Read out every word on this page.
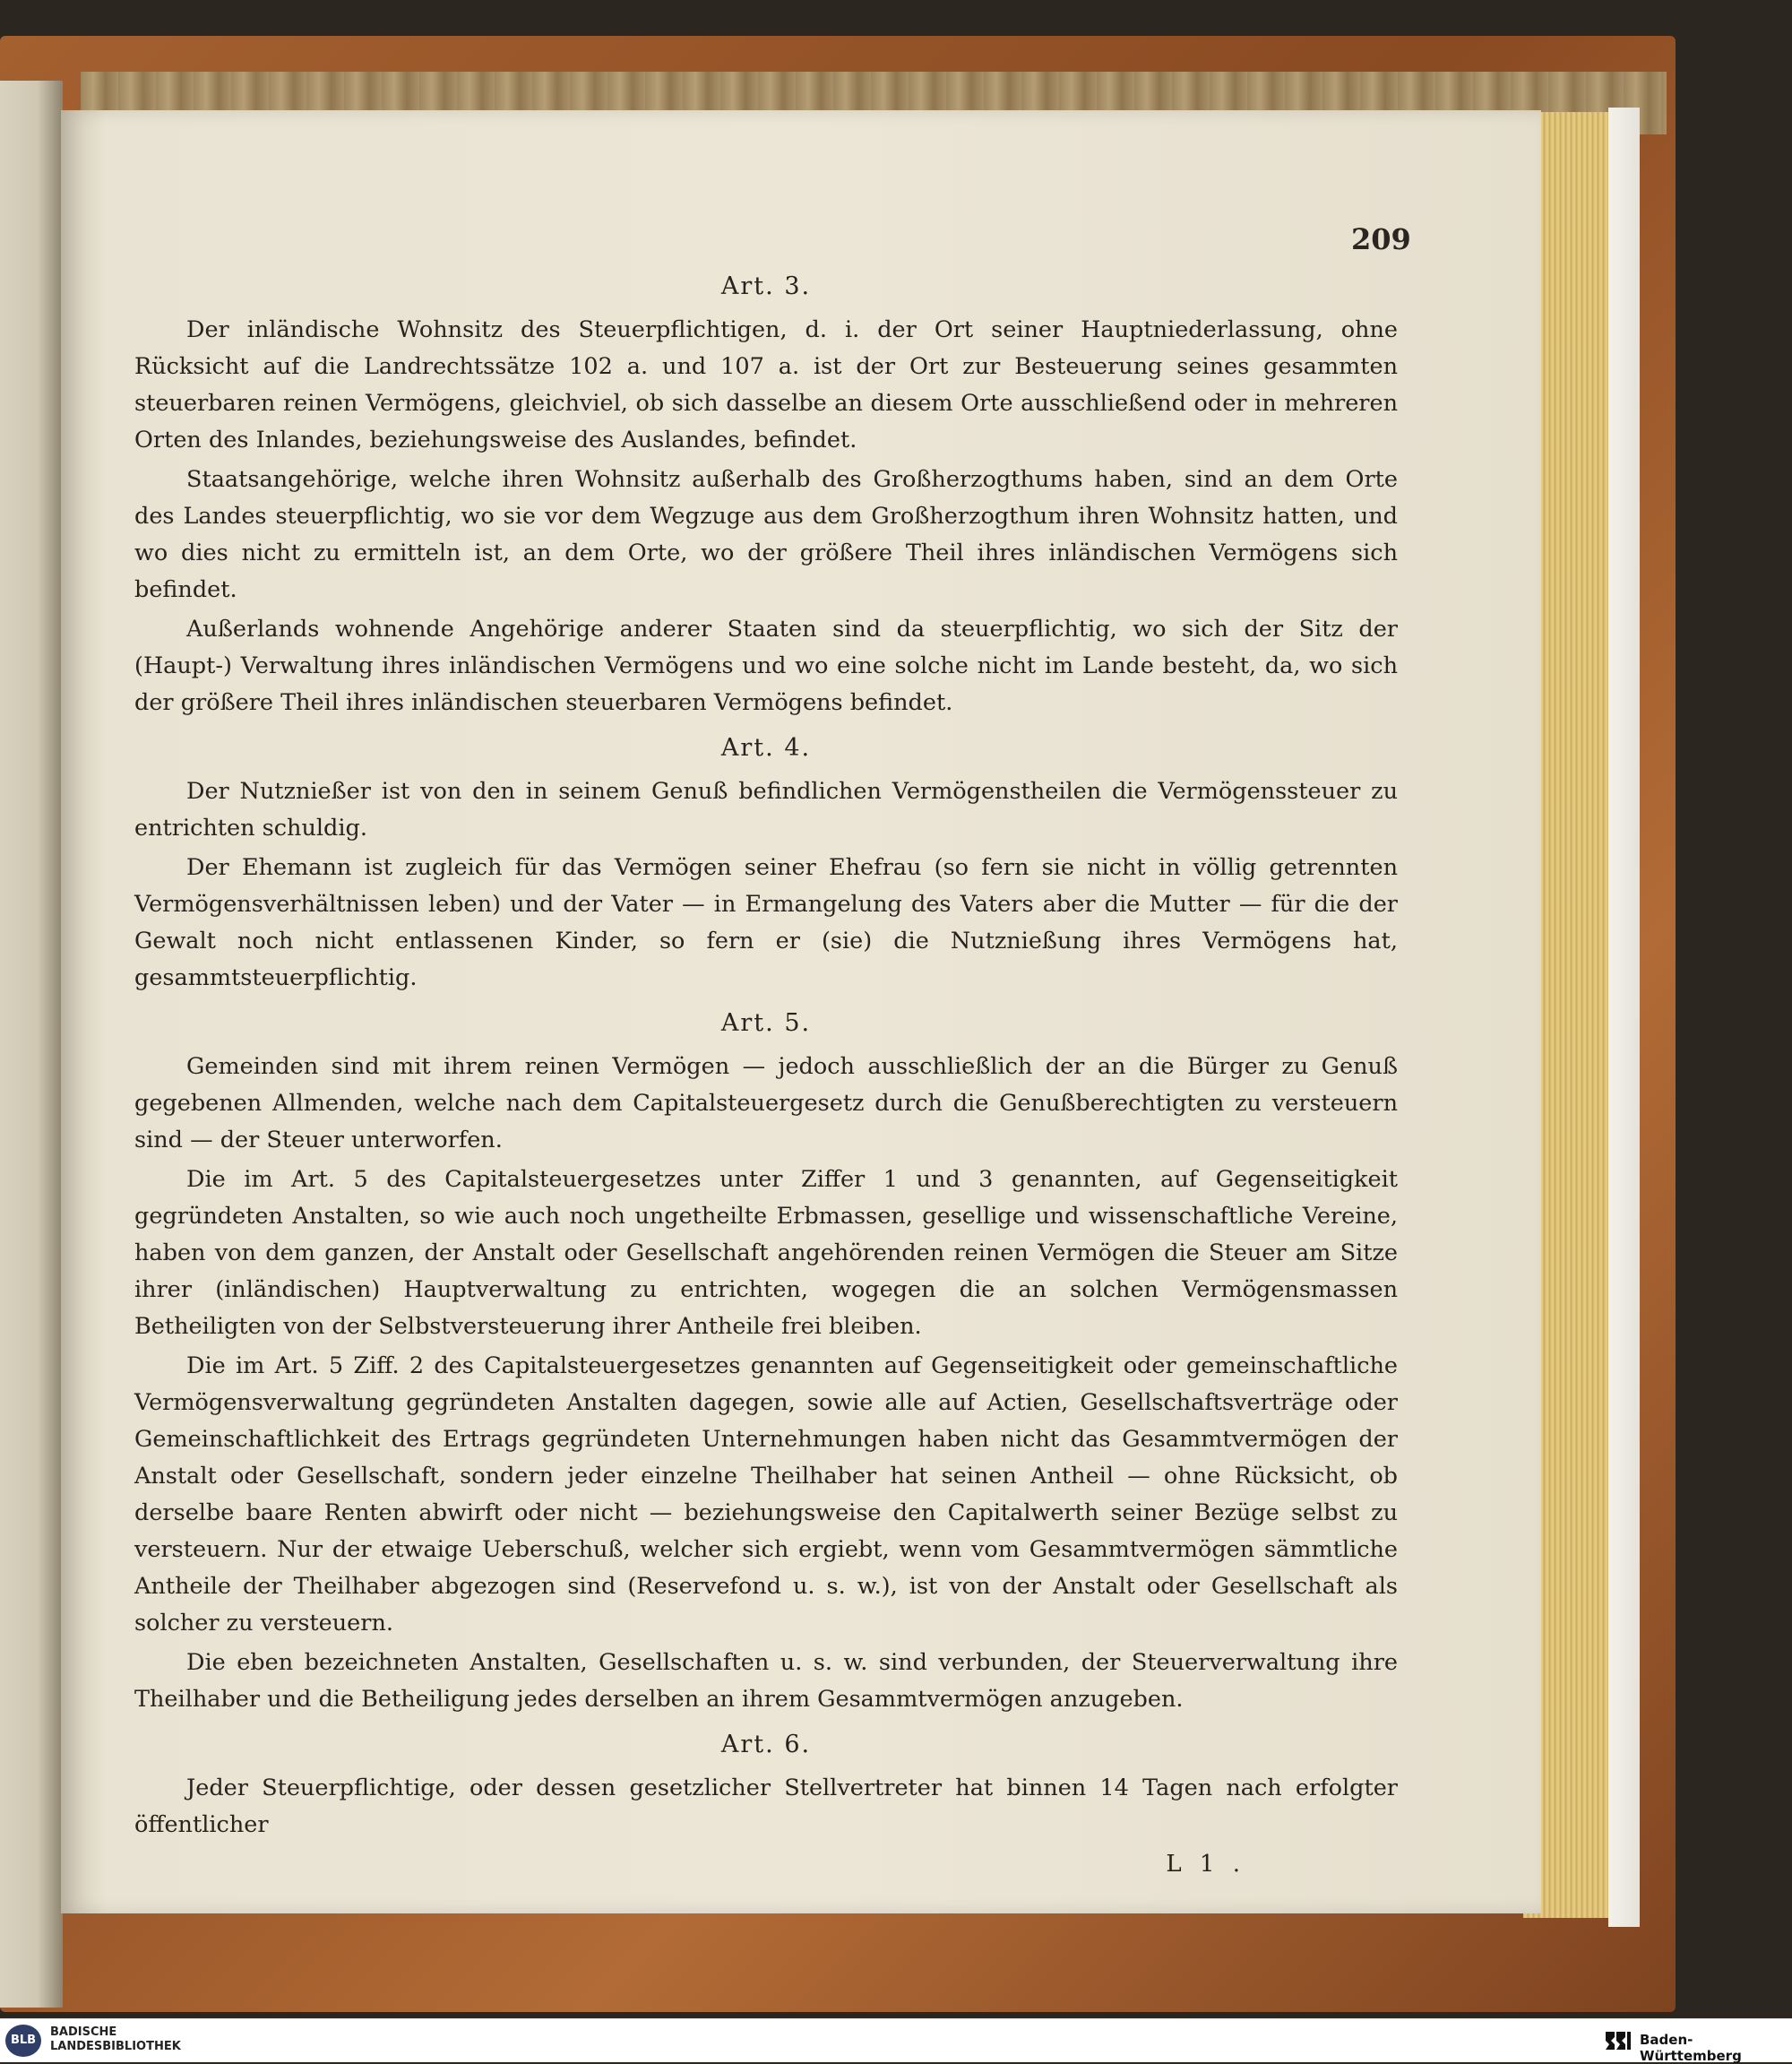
209
Art. 3.

Der inländische Wohnsitz des Steuerpflichtigen, d. i. der Ort seiner Hauptniederlassung, ohne Rücksicht auf die Landrechtssätze 102 a. und 107 a. ist der Ort zur Besteuerung seines gesammten steuerbaren reinen Vermögens, gleichviel, ob sich dasselbe an diesem Orte ausschließend oder in mehreren Orten des Inlandes, beziehungsweise des Auslandes, befindet.

Staatsangehörige, welche ihren Wohnsitz außerhalb des Großherzogthums haben, sind an dem Orte des Landes steuerpflichtig, wo sie vor dem Wegzuge aus dem Großherzogthum ihren Wohnsitz hatten, und wo dies nicht zu ermitteln ist, an dem Orte, wo der größere Theil ihres inländischen Vermögens sich befindet.

Außerlands wohnende Angehörige anderer Staaten sind da steuerpflichtig, wo sich der Sitz der (Haupt-) Verwaltung ihres inländischen Vermögens und wo eine solche nicht im Lande besteht, da, wo sich der größere Theil ihres inländischen steuerbaren Vermögens befindet.

Art. 4.

Der Nutznießer ist von den in seinem Genuß befindlichen Vermögenstheilen die Vermögenssteuer zu entrichten schuldig.

Der Ehemann ist zugleich für das Vermögen seiner Ehefrau (so fern sie nicht in völlig getrennten Vermögensverhältnissen leben) und der Vater — in Ermangelung des Vaters aber die Mutter — für die der Gewalt noch nicht entlassenen Kinder, so fern er (sie) die Nutznießung ihres Vermögens hat, gesammtsteuerpflichtig.

Art. 5.

Gemeinden sind mit ihrem reinen Vermögen — jedoch ausschließlich der an die Bürger zu Genuß gegebenen Allmenden, welche nach dem Capitalsteuergesetz durch die Genußberechtigten zu versteuern sind — der Steuer unterworfen.

Die im Art. 5 des Capitalsteuergesetzes unter Ziffer 1 und 3 genannten, auf Gegenseitigkeit gegründeten Anstalten, so wie auch noch ungetheilte Erbmassen, gesellige und wissenschaftliche Vereine, haben von dem ganzen, der Anstalt oder Gesellschaft angehörenden reinen Vermögen die Steuer am Sitze ihrer (inländischen) Hauptverwaltung zu entrichten, wogegen die an solchen Vermögensmassen Betheiligten von der Selbstversteuerung ihrer Antheile frei bleiben.

Die im Art. 5 Ziff. 2 des Capitalsteuergesetzes genannten auf Gegenseitigkeit oder gemeinschaftliche Vermögensverwaltung gegründeten Anstalten dagegen, sowie alle auf Actien, Gesellschaftsverträge oder Gemeinschaftlichkeit des Ertrags gegründeten Unternehmungen haben nicht das Gesammtvermögen der Anstalt oder Gesellschaft, sondern jeder einzelne Theilhaber hat seinen Antheil — ohne Rücksicht, ob derselbe baare Renten abwirft oder nicht — beziehungsweise den Capitalwerth seiner Bezüge selbst zu versteuern. Nur der etwaige Ueberschuß, welcher sich ergiebt, wenn vom Gesammtvermögen sämmtliche Antheile der Theilhaber abgezogen sind (Reservefond u. s. w.), ist von der Anstalt oder Gesellschaft als solcher zu versteuern.

Die eben bezeichneten Anstalten, Gesellschaften u. s. w. sind verbunden, der Steuerverwaltung ihre Theilhaber und die Betheiligung jedes derselben an ihrem Gesammtvermögen anzugeben.

Art. 6.

Jeder Steuerpflichtige, oder dessen gesetzlicher Stellvertreter hat binnen 14 Tagen nach erfolgter öffentlicher

L 1 .
BLB
BADISCHE
LANDESBIBLIOTHEK	Baden-Württemberg
